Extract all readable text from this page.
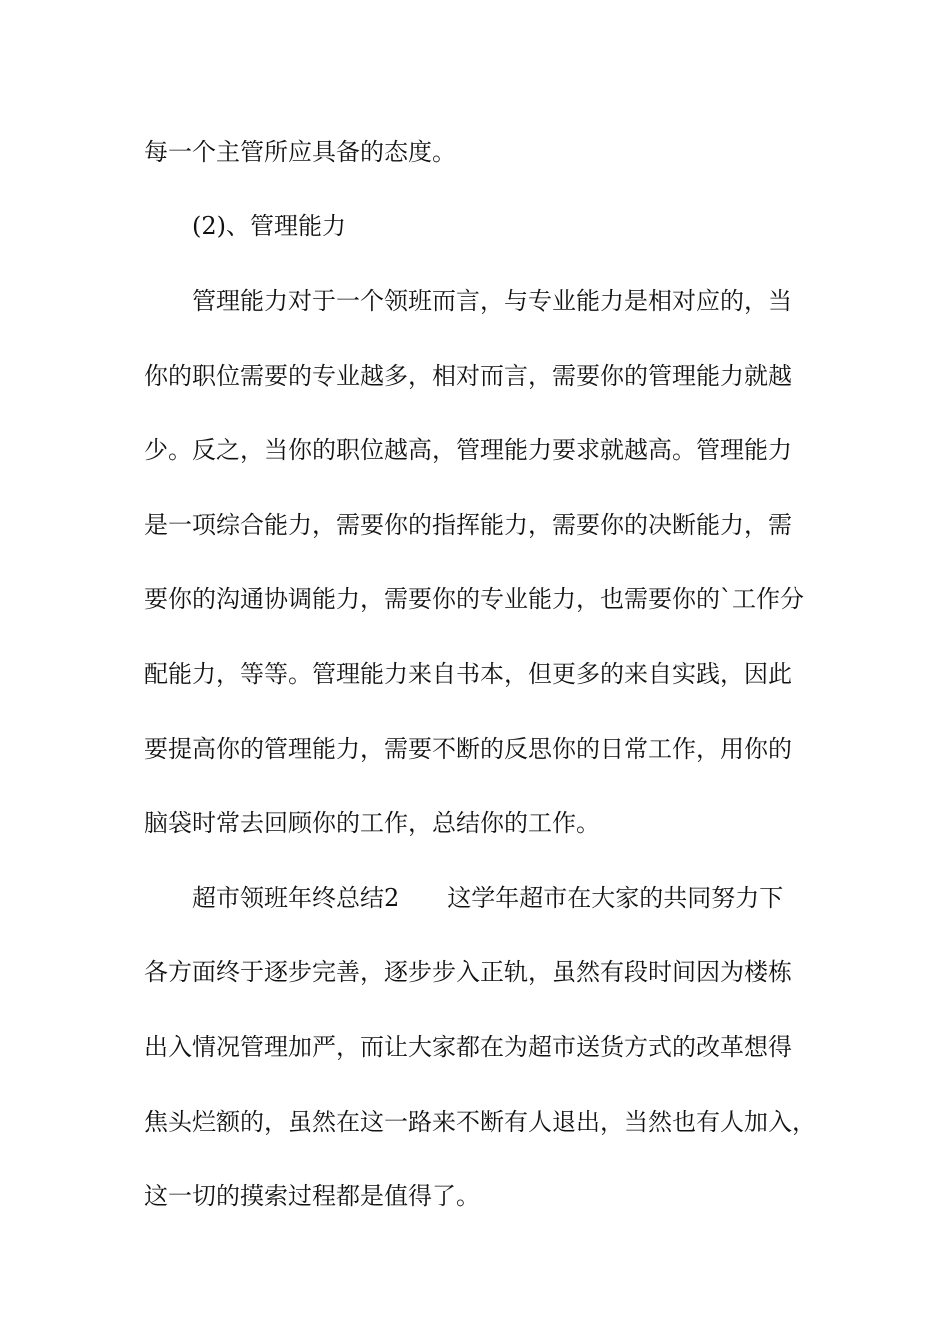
每一个主管所应具备的态度。

(2)、管理能力

管理能力对于一个领班而言，与专业能力是相对应的，当

你的职位需要的专业越多，相对而言，需要你的管理能力就越

少。反之，当你的职位越高，管理能力要求就越高。管理能力

是一项综合能力，需要你的指挥能力，需要你的决断能力，需

要你的沟通协调能力，需要你的专业能力，也需要你的`工作分

配能力，等等。管理能力来自书本，但更多的来自实践，因此

要提高你的管理能力，需要不断的反思你的日常工作，用你的

脑袋时常去回顾你的工作，总结你的工作。

超市领班年终总结2　　这学年超市在大家的共同努力下

各方面终于逐步完善，逐步步入正轨，虽然有段时间因为楼栋

出入情况管理加严，而让大家都在为超市送货方式的改革想得

焦头烂额的，虽然在这一路来不断有人退出，当然也有人加入，

这一切的摸索过程都是值得了。
